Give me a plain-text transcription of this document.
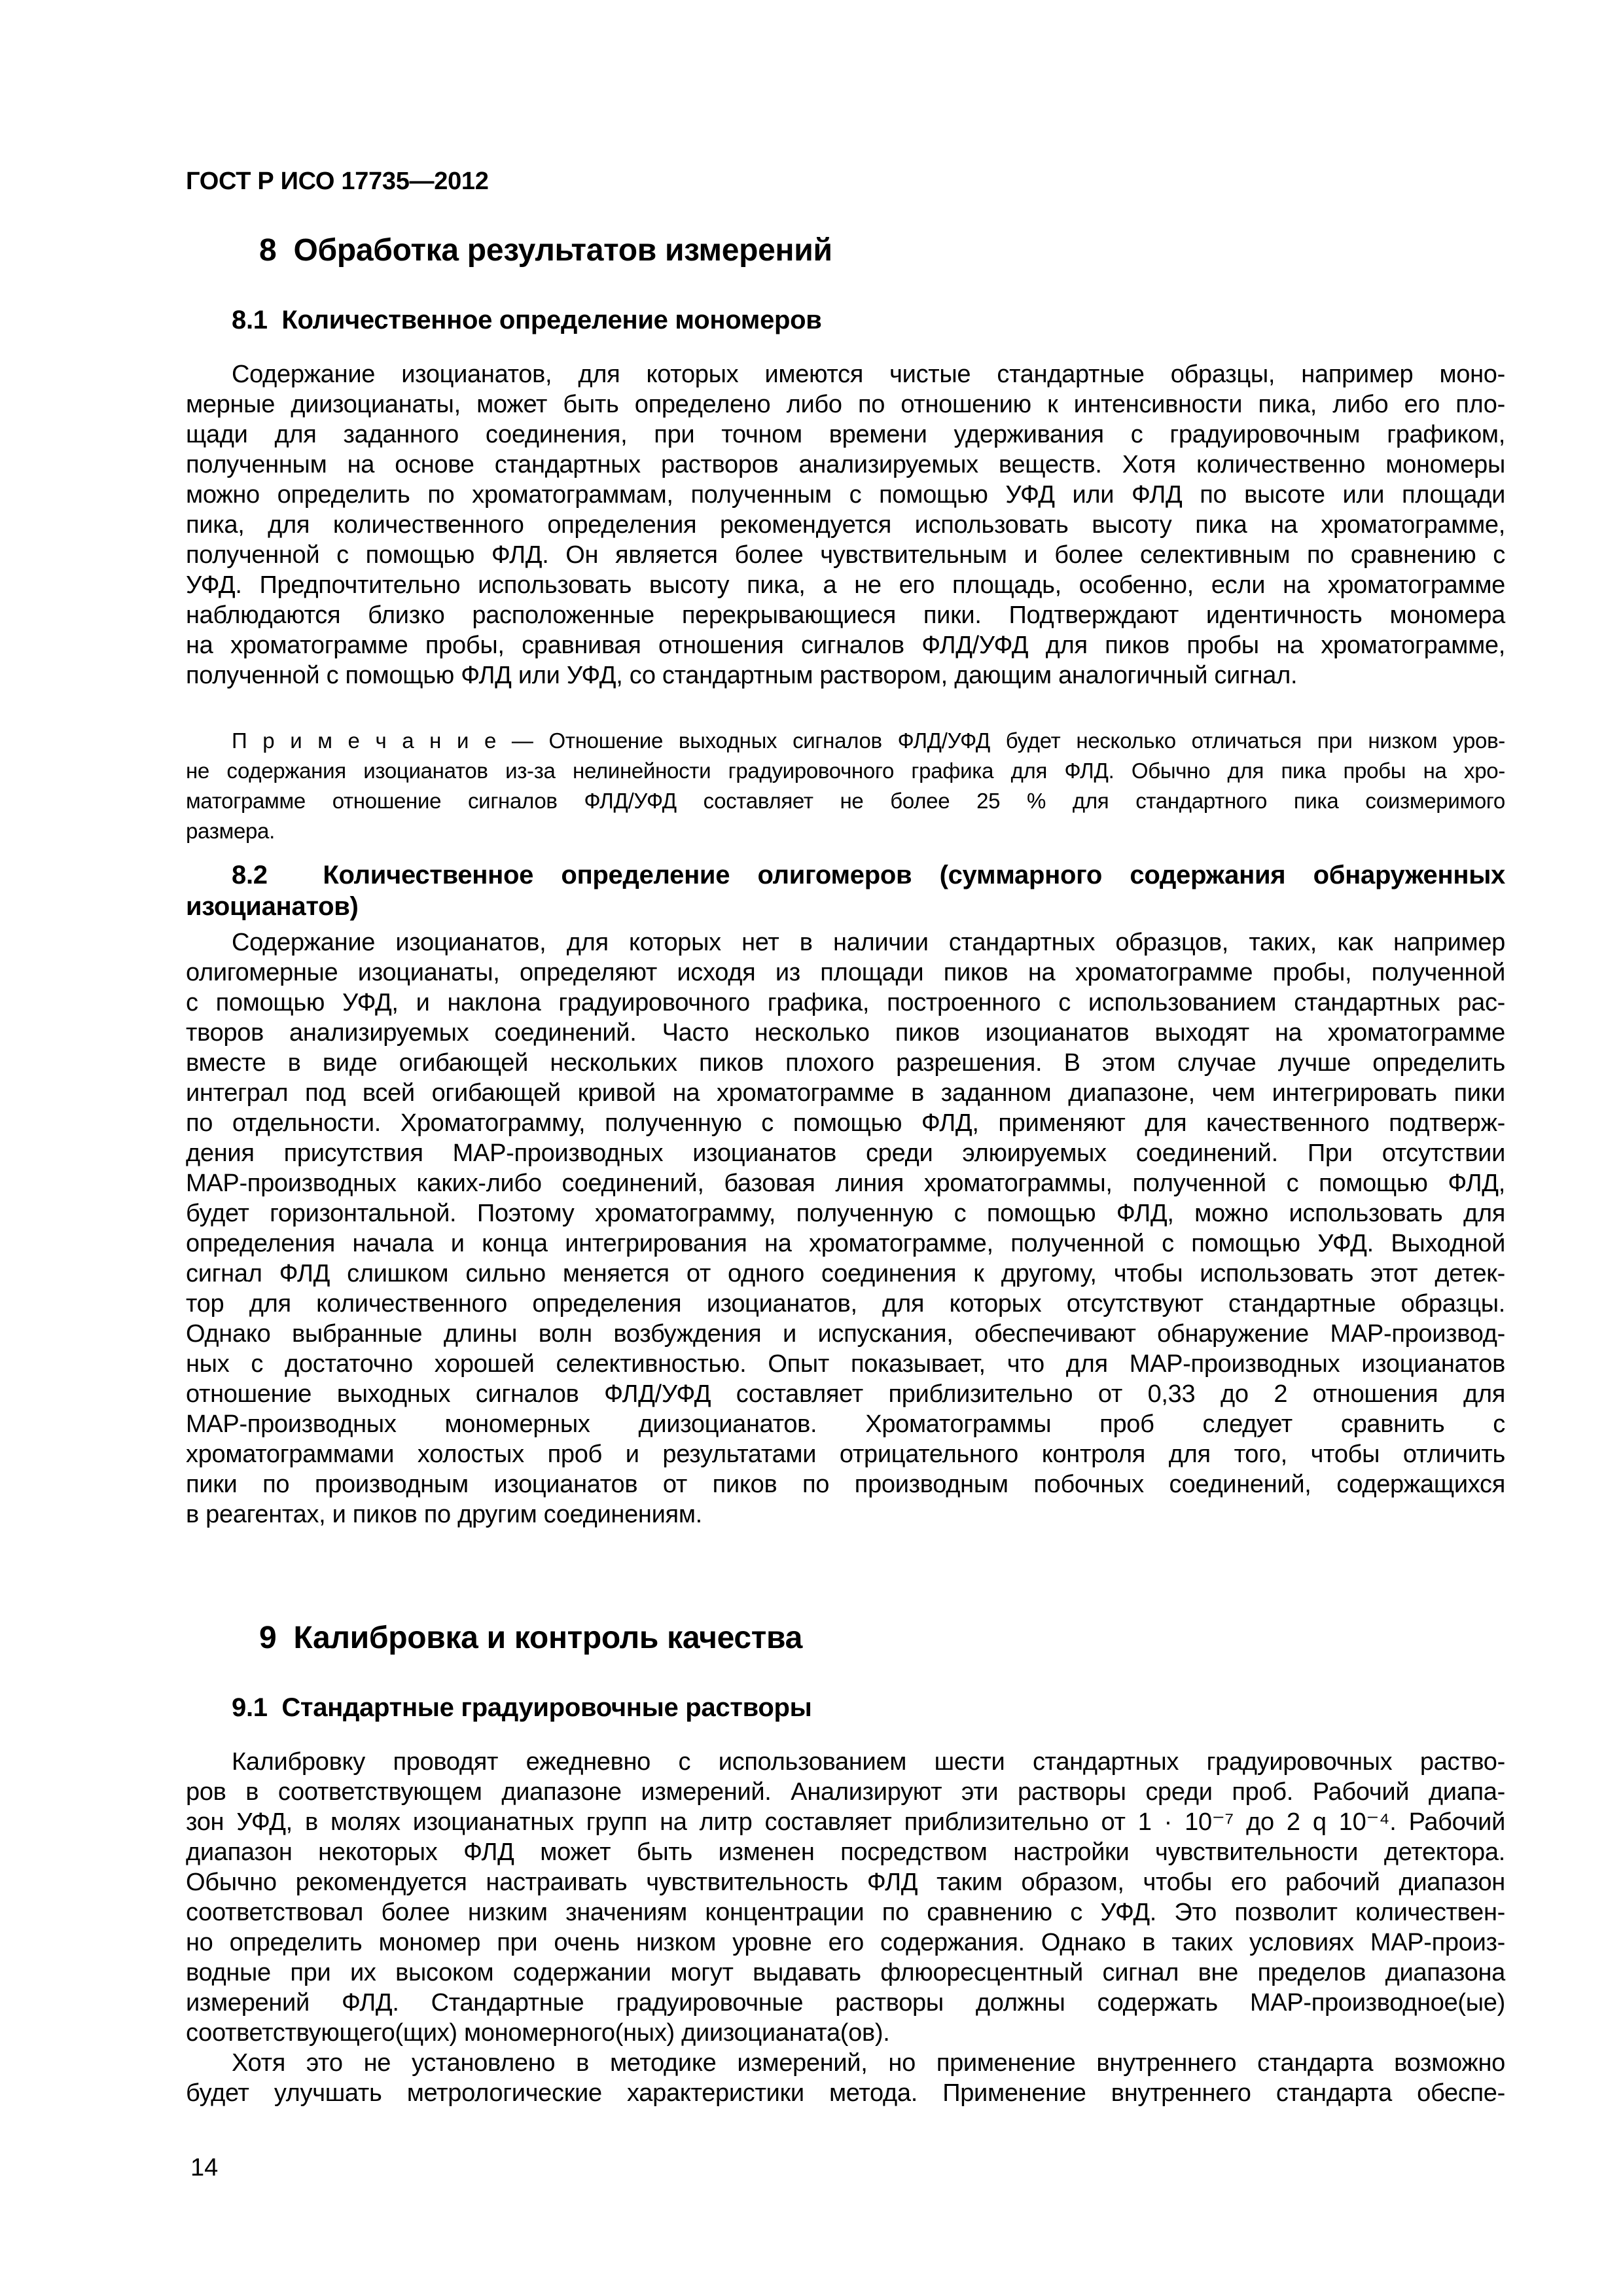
ГОСТ Р ИСО 17735—2012
8  Обработка результатов измерений
8.1  Количественное определение мономеров
Содержание изоцианатов, для которых имеются чистые стандартные образцы, например моно-
мерные диизоцианаты, может быть определено либо по отношению к интенсивности пика, либо его пло-
щади для заданного соединения, при точном времени удерживания с градуировочным графиком,
полученным на основе стандартных растворов анализируемых веществ. Хотя количественно мономеры
можно определить по хроматограммам, полученным с помощью УФД или ФЛД по высоте или площади
пика, для количественного определения рекомендуется использовать высоту пика на хроматограмме,
полученной с помощью ФЛД. Он является более чувствительным и более селективным по сравнению с
УФД. Предпочтительно использовать высоту пика, а не его площадь, особенно, если на хроматограмме
наблюдаются близко расположенные перекрывающиеся пики. Подтверждают идентичность мономера
на хроматограмме пробы, сравнивая отношения сигналов ФЛД/УФД для пиков пробы на хроматограмме,
полученной с помощью ФЛД или УФД, со стандартным раствором, дающим аналогичный сигнал.
П р и м е ч а н и е — Отношение выходных сигналов ФЛД/УФД будет несколько отличаться при низком уров-
не содержания изоцианатов из-за нелинейности градуировочного графика для ФЛД. Обычно для пика пробы на хро-
матограмме отношение сигналов ФЛД/УФД составляет не более 25 % для стандартного пика соизмеримого
размера.
8.2  Количественное определение олигомеров (суммарного содержания обнаруженных
изоцианатов)
Содержание изоцианатов, для которых нет в наличии стандартных образцов, таких, как например
олигомерные изоцианаты, определяют исходя из площади пиков на хроматограмме пробы, полученной
с помощью УФД, и наклона градуировочного графика, построенного с использованием стандартных рас-
творов анализируемых соединений. Часто несколько пиков изоцианатов выходят на хроматограмме
вместе в виде огибающей нескольких пиков плохого разрешения. В этом случае лучше определить
интеграл под всей огибающей кривой на хроматограмме в заданном диапазоне, чем интегрировать пики
по отдельности. Хроматограмму, полученную с помощью ФЛД, применяют для качественного подтверж-
дения присутствия МАР-производных изоцианатов среди элюируемых соединений. При отсутствии
МАР-производных каких-либо соединений, базовая линия хроматограммы, полученной с помощью ФЛД,
будет горизонтальной. Поэтому хроматограмму, полученную с помощью ФЛД, можно использовать для
определения начала и конца интегрирования на хроматограмме, полученной с помощью УФД. Выходной
сигнал ФЛД слишком сильно меняется от одного соединения к другому, чтобы использовать этот детек-
тор для количественного определения изоцианатов, для которых отсутствуют стандартные образцы.
Однако выбранные длины волн возбуждения и испускания, обеспечивают обнаружение МАР-производ-
ных с достаточно хорошей селективностью. Опыт показывает, что для МАР-производных изоцианатов
отношение выходных сигналов ФЛД/УФД составляет приблизительно от 0,33 до 2 отношения для
МАР-производных мономерных диизоцианатов. Хроматограммы проб следует сравнить с
хроматограммами холостых проб и результатами отрицательного контроля для того, чтобы отличить
пики по производным изоцианатов от пиков по производным побочных соединений, содержащихся
в реагентах, и пиков по другим соединениям.
9  Калибровка и контроль качества
9.1  Стандартные градуировочные растворы
Калибровку проводят ежедневно с использованием шести стандартных градуировочных раство-
ров в соответствующем диапазоне измерений. Анализируют эти растворы среди проб. Рабочий диапа-
зон УФД, в молях изоцианатных групп на литр составляет приблизительно от 1 · 10⁻⁷ до 2 q 10⁻⁴. Рабочий
диапазон некоторых ФЛД может быть изменен посредством настройки чувствительности детектора.
Обычно рекомендуется настраивать чувствительность ФЛД таким образом, чтобы его рабочий диапазон
соответствовал более низким значениям концентрации по сравнению с УФД. Это позволит количествен-
но определить мономер при очень низком уровне его содержания. Однако в таких условиях МАР-произ-
водные при их высоком содержании могут выдавать флюоресцентный сигнал вне пределов диапазона
измерений ФЛД. Стандартные градуировочные растворы должны содержать МАР-производное(ые)
соответствующего(щих) мономерного(ных) диизоцианата(ов).
Хотя это не установлено в методике измерений, но применение внутреннего стандарта возможно
будет улучшать метрологические характеристики метода. Применение внутреннего стандарта обеспе-
14
